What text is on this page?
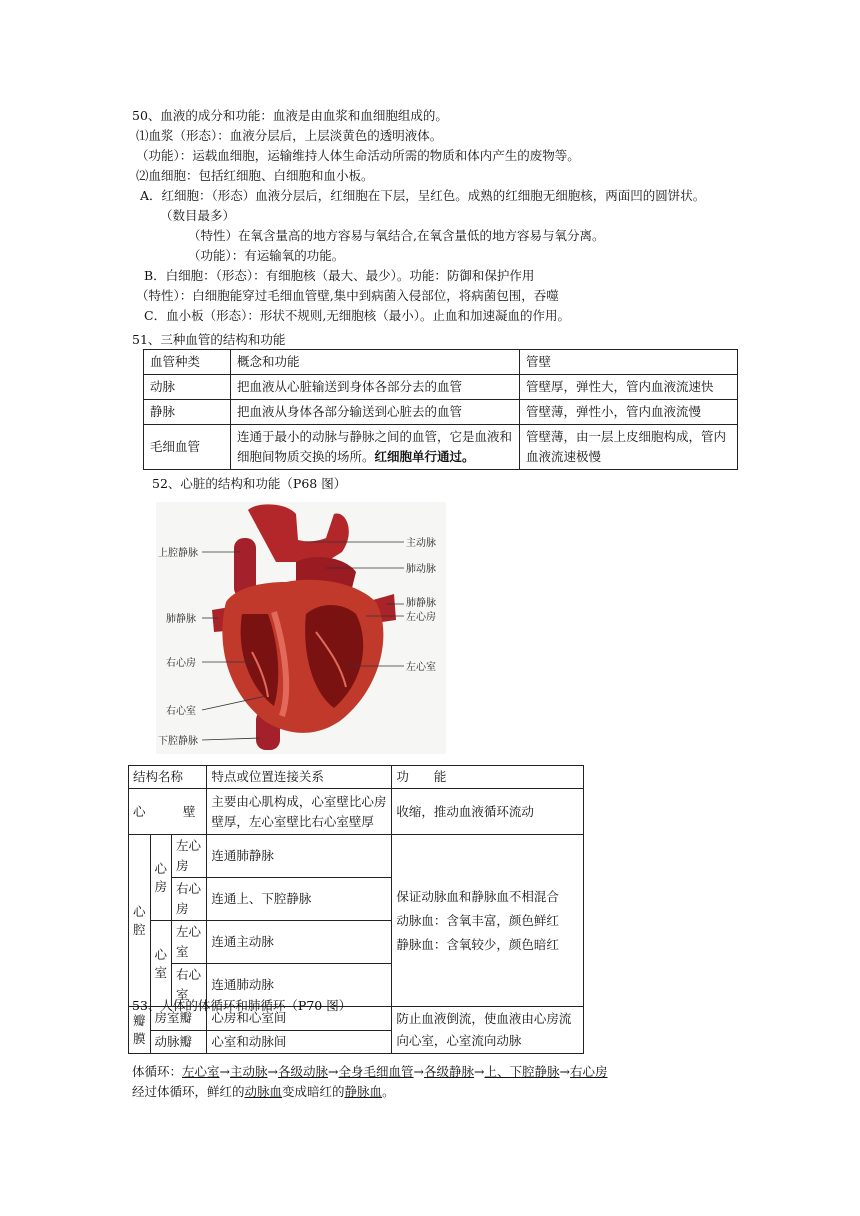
50、血液的成分和功能：血液是由血浆和血细胞组成的。
⑴血浆（形态）：血液分层后，上层淡黄色的透明液体。
（功能）：运载血细胞，运输维持人体生命活动所需的物质和体内产生的废物等。
⑵血细胞：包括红细胞、白细胞和血小板。
A．红细胞：（形态）血液分层后，红细胞在下层，呈红色。成熟的红细胞无细胞核，两面凹的圆饼状。
（数目最多）
（特性）在氧含量高的地方容易与氧结合,在氧含量低的地方容易与氧分离。
（功能）：有运输氧的功能。
B．白细胞：（形态）：有细胞核（最大、最少）。功能：防御和保护作用
（特性）：白细胞能穿过毛细血管壁,集中到病菌入侵部位，将病菌包围，吞噬
C．血小板（形态）：形状不规则,无细胞核（最小）。止血和加速凝血的作用。
51、三种血管的结构和功能
血管种类	概念和功能	管壁
动脉	把血液从心脏输送到身体各部分去的血管	管壁厚，弹性大，管内血液流速快
静脉	把血液从身体各部分输送到心脏去的血管	管壁薄，弹性小，管内血液流慢
毛细血管	连通于最小的动脉与静脉之间的血管，它是血液和细胞间物质交换的场所。红细胞单行通过。	管壁薄，由一层上皮细胞构成，管内血液流速极慢
52、心脏的结构和功能（P68 图）
上腔静脉
肺静脉
右心房
右心室
下腔静脉
主动脉
肺动脉
肺静脉
左心房
左心室
结构名称			特点或位置连接关系	功　　能
心　　　壁			主要由心肌构成，心室壁比心房壁厚，左心室壁比右心室壁厚	收缩，推动血液循环流动
心腔	心房	左心房	连通肺静脉	保证动脉血和静脉血不相混合
动脉血：含氧丰富，颜色鲜红
静脉血：含氧较少，颜色暗红

		右心房	连通上、下腔静脉	
	心室	左心室	连通主动脉	
		右心室	连通肺动脉	
瓣膜	房室瓣		心房和心室间	防止血液倒流，使血液由心房流向心室，心室流向动脉
	动脉瓣		心室和动脉间	
53、人体的体循环和肺循环（P70 图）
体循环：左心室→主动脉→各级动脉→全身毛细血管→各级静脉→上、下腔静脉→右心房
经过体循环，鲜红的动脉血变成暗红的静脉血。
